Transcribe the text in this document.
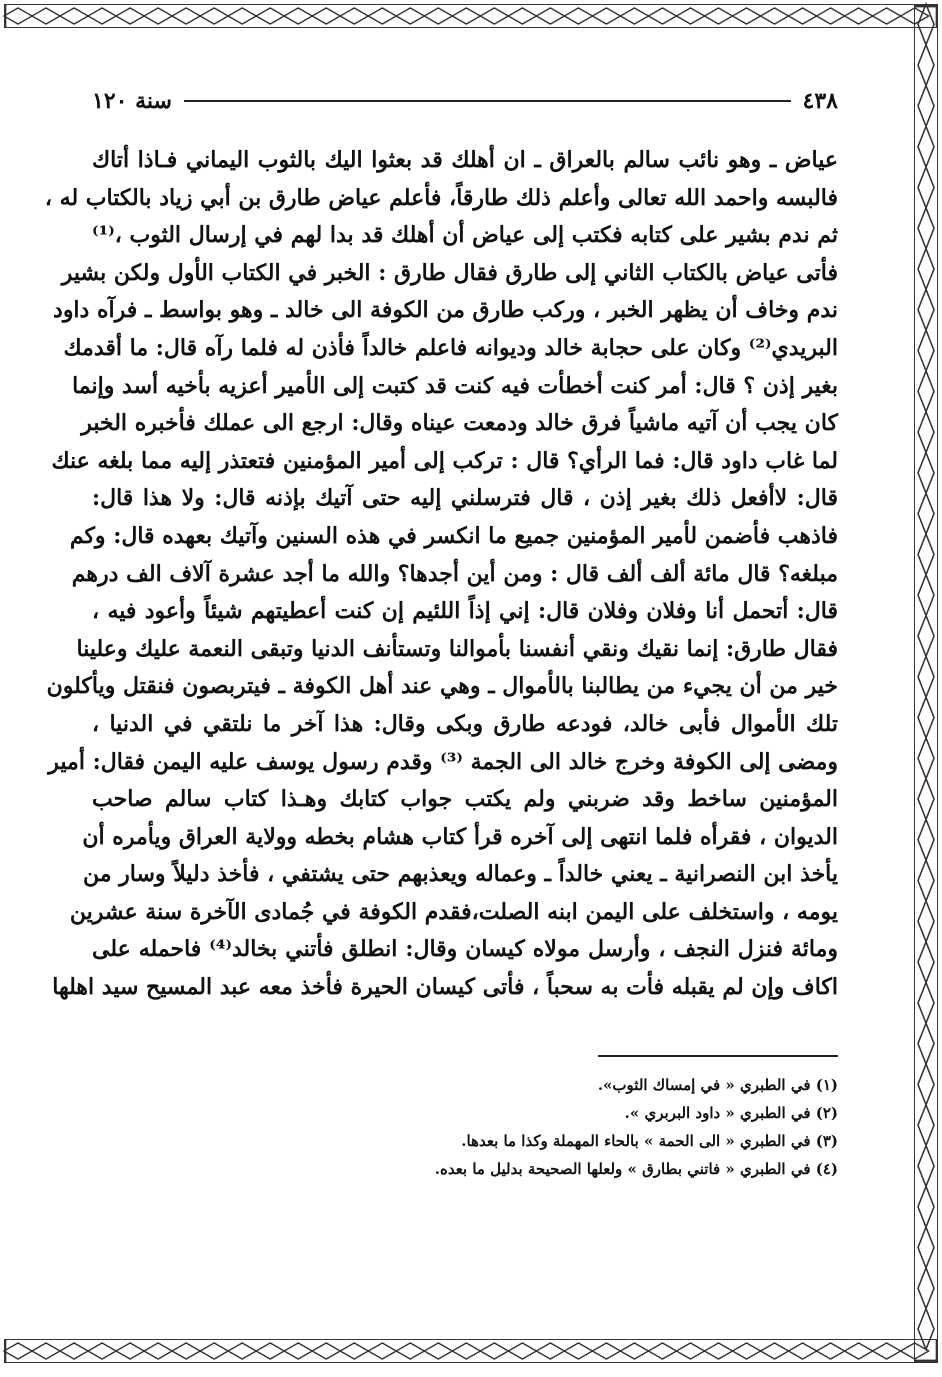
٤٣٨
سنة ١٢٠
عياض ـ وهو نائب سالم بالعراق ـ ان أهلك قد بعثوا اليك بالثوب اليماني فـاذا أتاك
فالبسه واحمد الله تعالى وأعلم ذلك طارقاً، فأعلم عياض طارق بن أبي زياد بالكتاب له ،
ثم ندم بشير على كتابه فكتب إلى عياض أن أهلك قد بدا لهم في إرسال الثوب ،⁽¹⁾
فأتى عياض بالكتاب الثاني إلى طارق فقال طارق : الخبر في الكتاب الأول ولكن بشير
ندم وخاف أن يظهر الخبر ، وركب طارق من الكوفة الى خالد ـ وهو بواسط ـ فرآه داود
البريدي⁽²⁾ وكان على حجابة خالد وديوانه فاعلم خالداً فأذن له فلما رآه قال: ما أقدمك
بغير إذن ؟ قال: أمر كنت أخطأت فيه كنت قد كتبت إلى الأمير أعزيه بأخيه أسد وإنما
كان يجب أن آتيه ماشياً فرق خالد ودمعت عيناه وقال: ارجع الى عملك فأخبره الخبر
لما غاب داود قال: فما الرأي؟ قال : تركب إلى أمير المؤمنين فتعتذر إليه مما بلغه عنك
قال: لاأفعل ذلك بغير إذن ، قال فترسلني إليه حتى آتيك بإذنه قال: ولا هذا قال:
فاذهب فأضمن لأمير المؤمنين جميع ما انكسر في هذه السنين وآتيك بعهده قال: وكم
مبلغه؟ قال مائة ألف ألف قال : ومن أين أجدها؟ والله ما أجد عشرة آلاف الف درهم
قال: أتحمل أنا وفلان وفلان قال: إني إذاً اللئيم إن كنت أعطيتهم شيئاً وأعود فيه ،
فقال طارق: إنما نقيك ونقي أنفسنا بأموالنا وتستأنف الدنيا وتبقى النعمة عليك وعلينا
خير من أن يجيء من يطالبنا بالأموال ـ وهي عند أهل الكوفة ـ فيتربصون فنقتل ويأكلون
تلك الأموال فأبى خالد، فودعه طارق وبكى وقال: هذا آخر ما نلتقي في الدنيا ،
ومضى إلى الكوفة وخرج خالد الى الجمة ⁽³⁾ وقدم رسول يوسف عليه اليمن فقال: أمير
المؤمنين ساخط وقد ضربني ولم يكتب جواب كتابك وهـذا كتاب سالم صاحب
الديوان ، فقرأه فلما انتهى إلى آخره قرأ كتاب هشام بخطه وولاية العراق ويأمره أن
يأخذ ابن النصرانية ـ يعني خالداً ـ وعماله ويعذبهم حتى يشتفي ، فأخذ دليلاً وسار من
يومه ، واستخلف على اليمن ابنه الصلت،فقدم الكوفة في جُمادى الآخرة سنة عشرين
ومائة فنزل النجف ، وأرسل مولاه كيسان وقال: انطلق فأتني بخالد⁽⁴⁾ فاحمله على
اكاف وإن لم يقبله فأت به سحباً ، فأتى كيسان الحيرة فأخذ معه عبد المسيح سيد اهلها
(١) في الطبري « في إمساك الثوب».
(٢) في الطبري « داود البربري ».
(٣) في الطبري « الى الحمة » بالحاء المهملة وكذا ما بعدها.
(٤) في الطبري « فاتني بطارق » ولعلها الصحيحة بدليل ما بعده.
